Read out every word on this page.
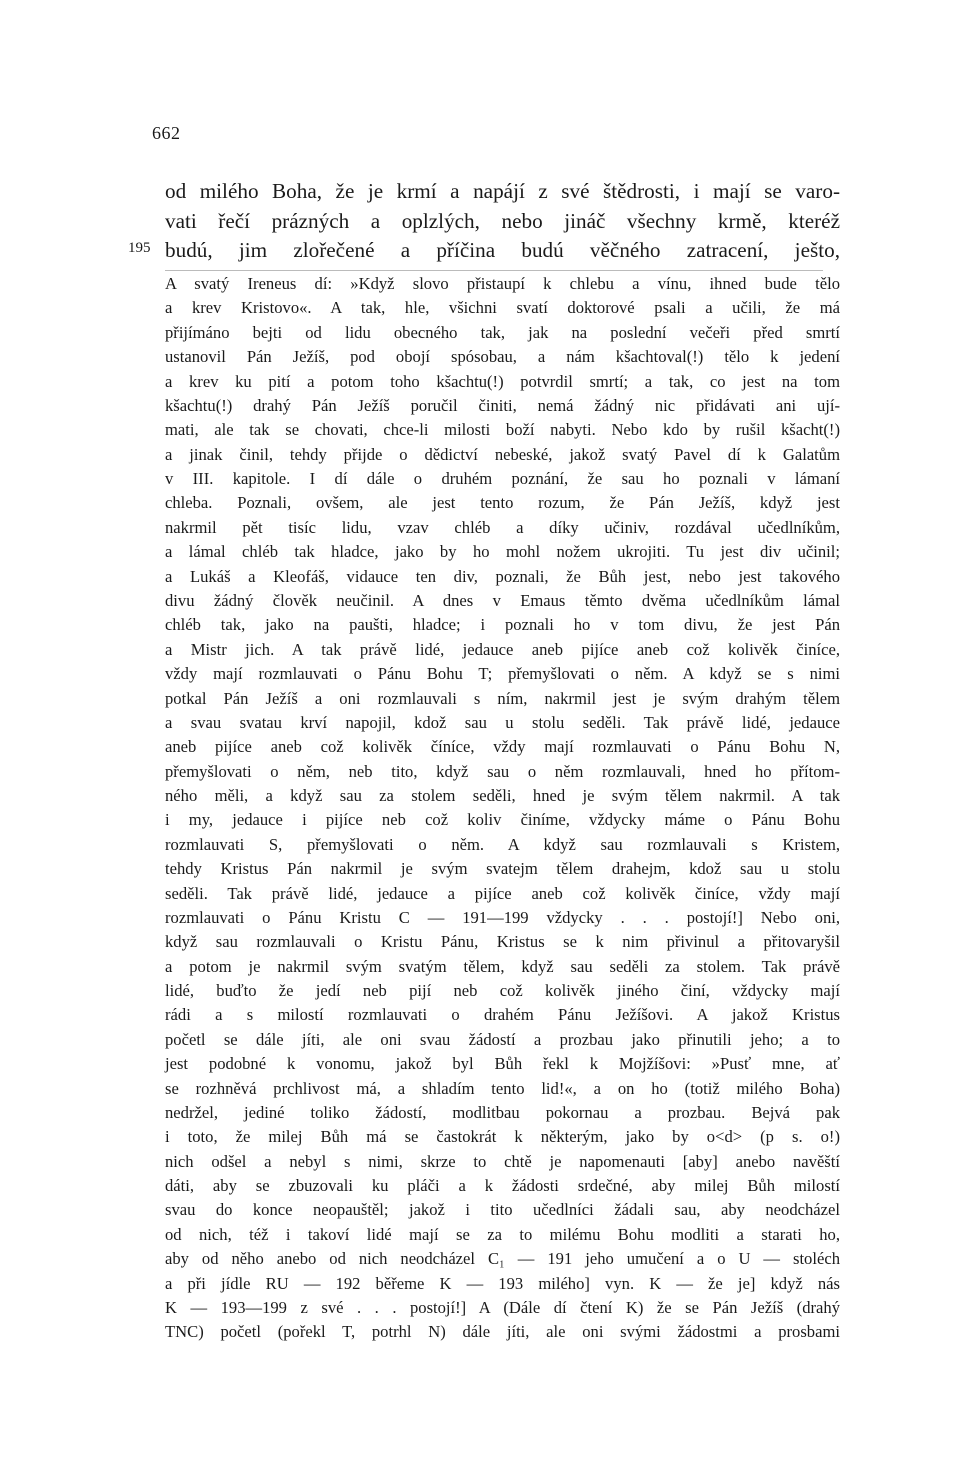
662

od milého Boha, že je krmí a napájí z své štědrosti, i mají se varo-

vati řečí prázných a oplzlých, nebo jináč všechny krmě, kteréž

budú, jim zlořečené a příčina budú věčného zatracení, ješto,

195

A svatý Ireneus dí: »Když slovo přistaupí k chlebu a vínu, ihned bude tělo

a krev Kristovo«. A tak, hle, všichni svatí doktorové psali a učili, že má

přijímáno bejti od lidu obecného tak, jak na poslední večeři před smrtí

ustanovil Pán Ježíš, pod obojí spósobau, a nám kšachtoval(!) tělo k jedení

a krev ku pití a potom toho kšachtu(!) potvrdil smrtí; a tak, co jest na tom

kšachtu(!) drahý Pán Ježíš poručil činiti, nemá žádný nic přidávati ani ují-

mati, ale tak se chovati, chce-li milosti boží nabyti. Nebo kdo by rušil kšacht(!)

a jinak činil, tehdy přijde o dědictví nebeské, jakož svatý Pavel dí k Galatům

v III. kapitole. I dí dále o druhém poznání, že sau ho poznali v lámaní

chleba. Poznali, ovšem, ale jest tento rozum, že Pán Ježíš, když jest

nakrmil pět tisíc lidu, vzav chléb a díky učiniv, rozdával učedlníkům,

a lámal chléb tak hladce, jako by ho mohl nožem ukrojiti. Tu jest div učinil;

a Lukáš a Kleofáš, vidauce ten div, poznali, že Bůh jest, nebo jest takového

divu žádný člověk neučinil. A dnes v Emaus těmto dvěma učedlníkům lámal

chléb tak, jako na paušti, hladce; i poznali ho v tom divu, že jest Pán

a Mistr jich. A tak právě lidé, jedauce aneb pijíce aneb což kolivěk činíce,

vždy mají rozmlauvati o Pánu Bohu T; přemyšlovati o něm. A když se s nimi

potkal Pán Ježíš a oni rozmlauvali s ním, nakrmil jest je svým drahým tělem

a svau svatau krví napojil, kdož sau u stolu seděli. Tak právě lidé, jedauce

aneb pijíce aneb což kolivěk číníce, vždy mají rozmlauvati o Pánu Bohu N,

přemyšlovati o něm, neb tito, když sau o něm rozmlauvali, hned ho přítom-

ného měli, a když sau za stolem seděli, hned je svým tělem nakrmil. A tak

i my, jedauce i pijíce neb což koliv činíme, vždycky máme o Pánu Bohu

rozmlauvati S, přemyšlovati o něm. A když sau rozmlauvali s Kristem,

tehdy Kristus Pán nakrmil je svým svatejm tělem drahejm, kdož sau u stolu

seděli. Tak právě lidé, jedauce a pijíce aneb což kolivěk činíce, vždy mají

rozmlauvati o Pánu Kristu C — 191—199 vždycky . . . postojí!] Nebo oni,

když sau rozmlauvali o Kristu Pánu, Kristus se k nim přivinul a přitovaryšil

a potom je nakrmil svým svatým tělem, když sau seděli za stolem. Tak právě

lidé, buďto že jedí neb pijí neb což kolivěk jiného činí, vždycky mají

rádi a s milostí rozmlauvati o drahém Pánu Ježíšovi. A jakož Kristus

početl se dále jíti, ale oni svau žádostí a prozbau jako přinutili jeho; a to

jest podobné k vonomu, jakož byl Bůh řekl k Mojžíšovi: »Pusť mne, ať

se rozhněvá prchlivost má, a shladím tento lid!«, a on ho (totiž milého Boha)

nedržel, jediné toliko žádostí, modlitbau pokornau a prozbau. Bejvá pak

i toto, že milej Bůh má se častokrát k některým, jako by o<d> (p s. o!)

nich odšel a nebyl s nimi, skrze to chtě je napomenauti [aby] anebo navěští

dáti, aby se zbuzovali ku pláči a k žádosti srdečné, aby milej Bůh milostí

svau do konce neopauštěl; jakož i tito učedlníci žádali sau, aby neodcházel

od nich, též i takoví lidé mají se za to milému Bohu modliti a starati ho,

aby od něho anebo od nich neodcházel C₁ — 191 jeho umučení a o U — stoléch

a při jídle RU — 192 běřeme K — 193 milého] vyn. K — že je] když nás

K — 193—199 z své . . . postojí!] A (Dále dí čtení K) že se Pán Ježíš (drahý

TNC) početl (pořekl T, potrhl N) dále jíti, ale oni svými žádostmi a prosbami
